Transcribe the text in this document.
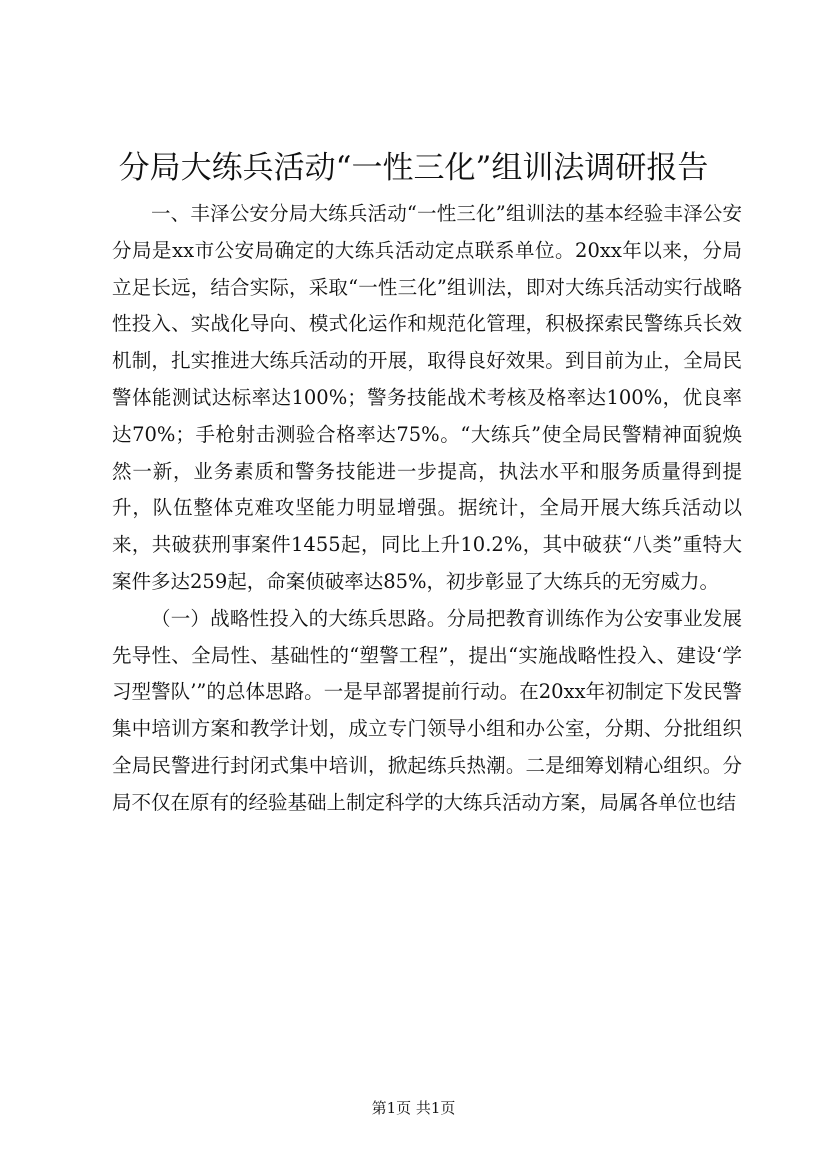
分局大练兵活动“一性三化”组训法调研报告

一、丰泽公安分局大练兵活动“一性三化”组训法的基本经验丰泽公安分局是xx市公安局确定的大练兵活动定点联系单位。20xx年以来，分局立足长远，结合实际，采取“一性三化”组训法，即对大练兵活动实行战略性投入、实战化导向、模式化运作和规范化管理，积极探索民警练兵长效机制，扎实推进大练兵活动的开展，取得良好效果。到目前为止，全局民警体能测试达标率达100%；警务技能战术考核及格率达100%，优良率达70%；手枪射击测验合格率达75%。“大练兵”使全局民警精神面貌焕然一新，业务素质和警务技能进一步提高，执法水平和服务质量得到提升，队伍整体克难攻坚能力明显增强。据统计，全局开展大练兵活动以来，共破获刑事案件1455起，同比上升10.2%，其中破获“八类”重特大案件多达259起，命案侦破率达85%，初步彰显了大练兵的无穷威力。

（一）战略性投入的大练兵思路。分局把教育训练作为公安事业发展先导性、全局性、基础性的“塑警工程”，提出“实施战略性投入、建设‘学习型警队’”的总体思路。一是早部署提前行动。在20xx年初制定下发民警集中培训方案和教学计划，成立专门领导小组和办公室，分期、分批组织全局民警进行封闭式集中培训，掀起练兵热潮。二是细筹划精心组织。分局不仅在原有的经验基础上制定科学的大练兵活动方案，局属各单位也结

第1页 共1页
